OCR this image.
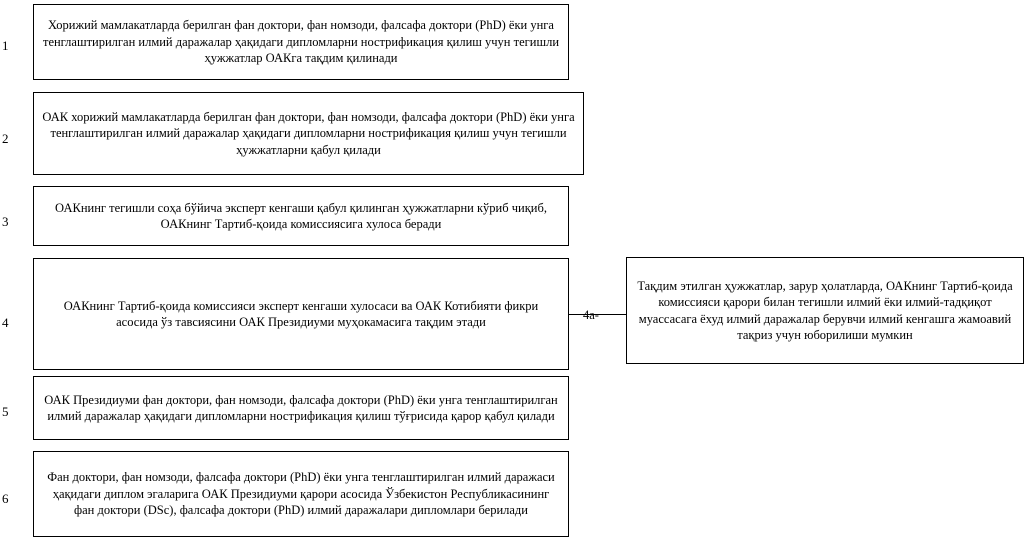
1
Хорижий мамлакатларда берилган фан доктори, фан номзоди, фалсафа доктори (PhD) ёки унга тенглаштирилган илмий даражалар ҳақидаги дипломларни нострификация қилиш учун тегишли ҳужжатлар ОАКга тақдим қилинади
2
ОАК хорижий мамлакатларда берилган фан доктори, фан номзоди, фалсафа доктори (PhD) ёки унга тенглаштирилган илмий даражалар ҳақидаги дипломларни нострификация қилиш учун тегишли ҳужжатларни қабул қилади
3
ОАКнинг тегишли соҳа бўйича эксперт кенгаши қабул қилинган ҳужжатларни кўриб чиқиб, ОАКнинг Тартиб-қоида комиссиясига хулоса беради
4
ОАКнинг Тартиб-қоида комиссияси эксперт кенгаши хулосаси ва ОАК Котибияти фикри асосида ўз тавсиясини ОАК Президиуми муҳокамасига тақдим этади	4а-
Тақдим этилган ҳужжатлар, зарур ҳолатларда, ОАКнинг Тартиб-қоида комиссияси қарори билан тегишли илмий ёки илмий-тадқиқот муассасага ёхуд илмий даражалар берувчи илмий кенгашга жамоавий тақриз учун юборилиши мумкин
5
ОАК Президиуми фан доктори, фан номзоди, фалсафа доктори (PhD) ёки унга тенглаштирилган илмий даражалар ҳақидаги дипломларни нострификация қилиш тўғрисида қарор қабул қилади
6
Фан доктори, фан номзоди, фалсафа доктори (PhD) ёки унга тенглаштирилган илмий даражаси ҳақидаги диплом эгаларига ОАК Президиуми қарори асосида Ўзбекистон Республикасининг фан доктори (DSc), фалсафа доктори (PhD) илмий даражалари дипломлари берилади
